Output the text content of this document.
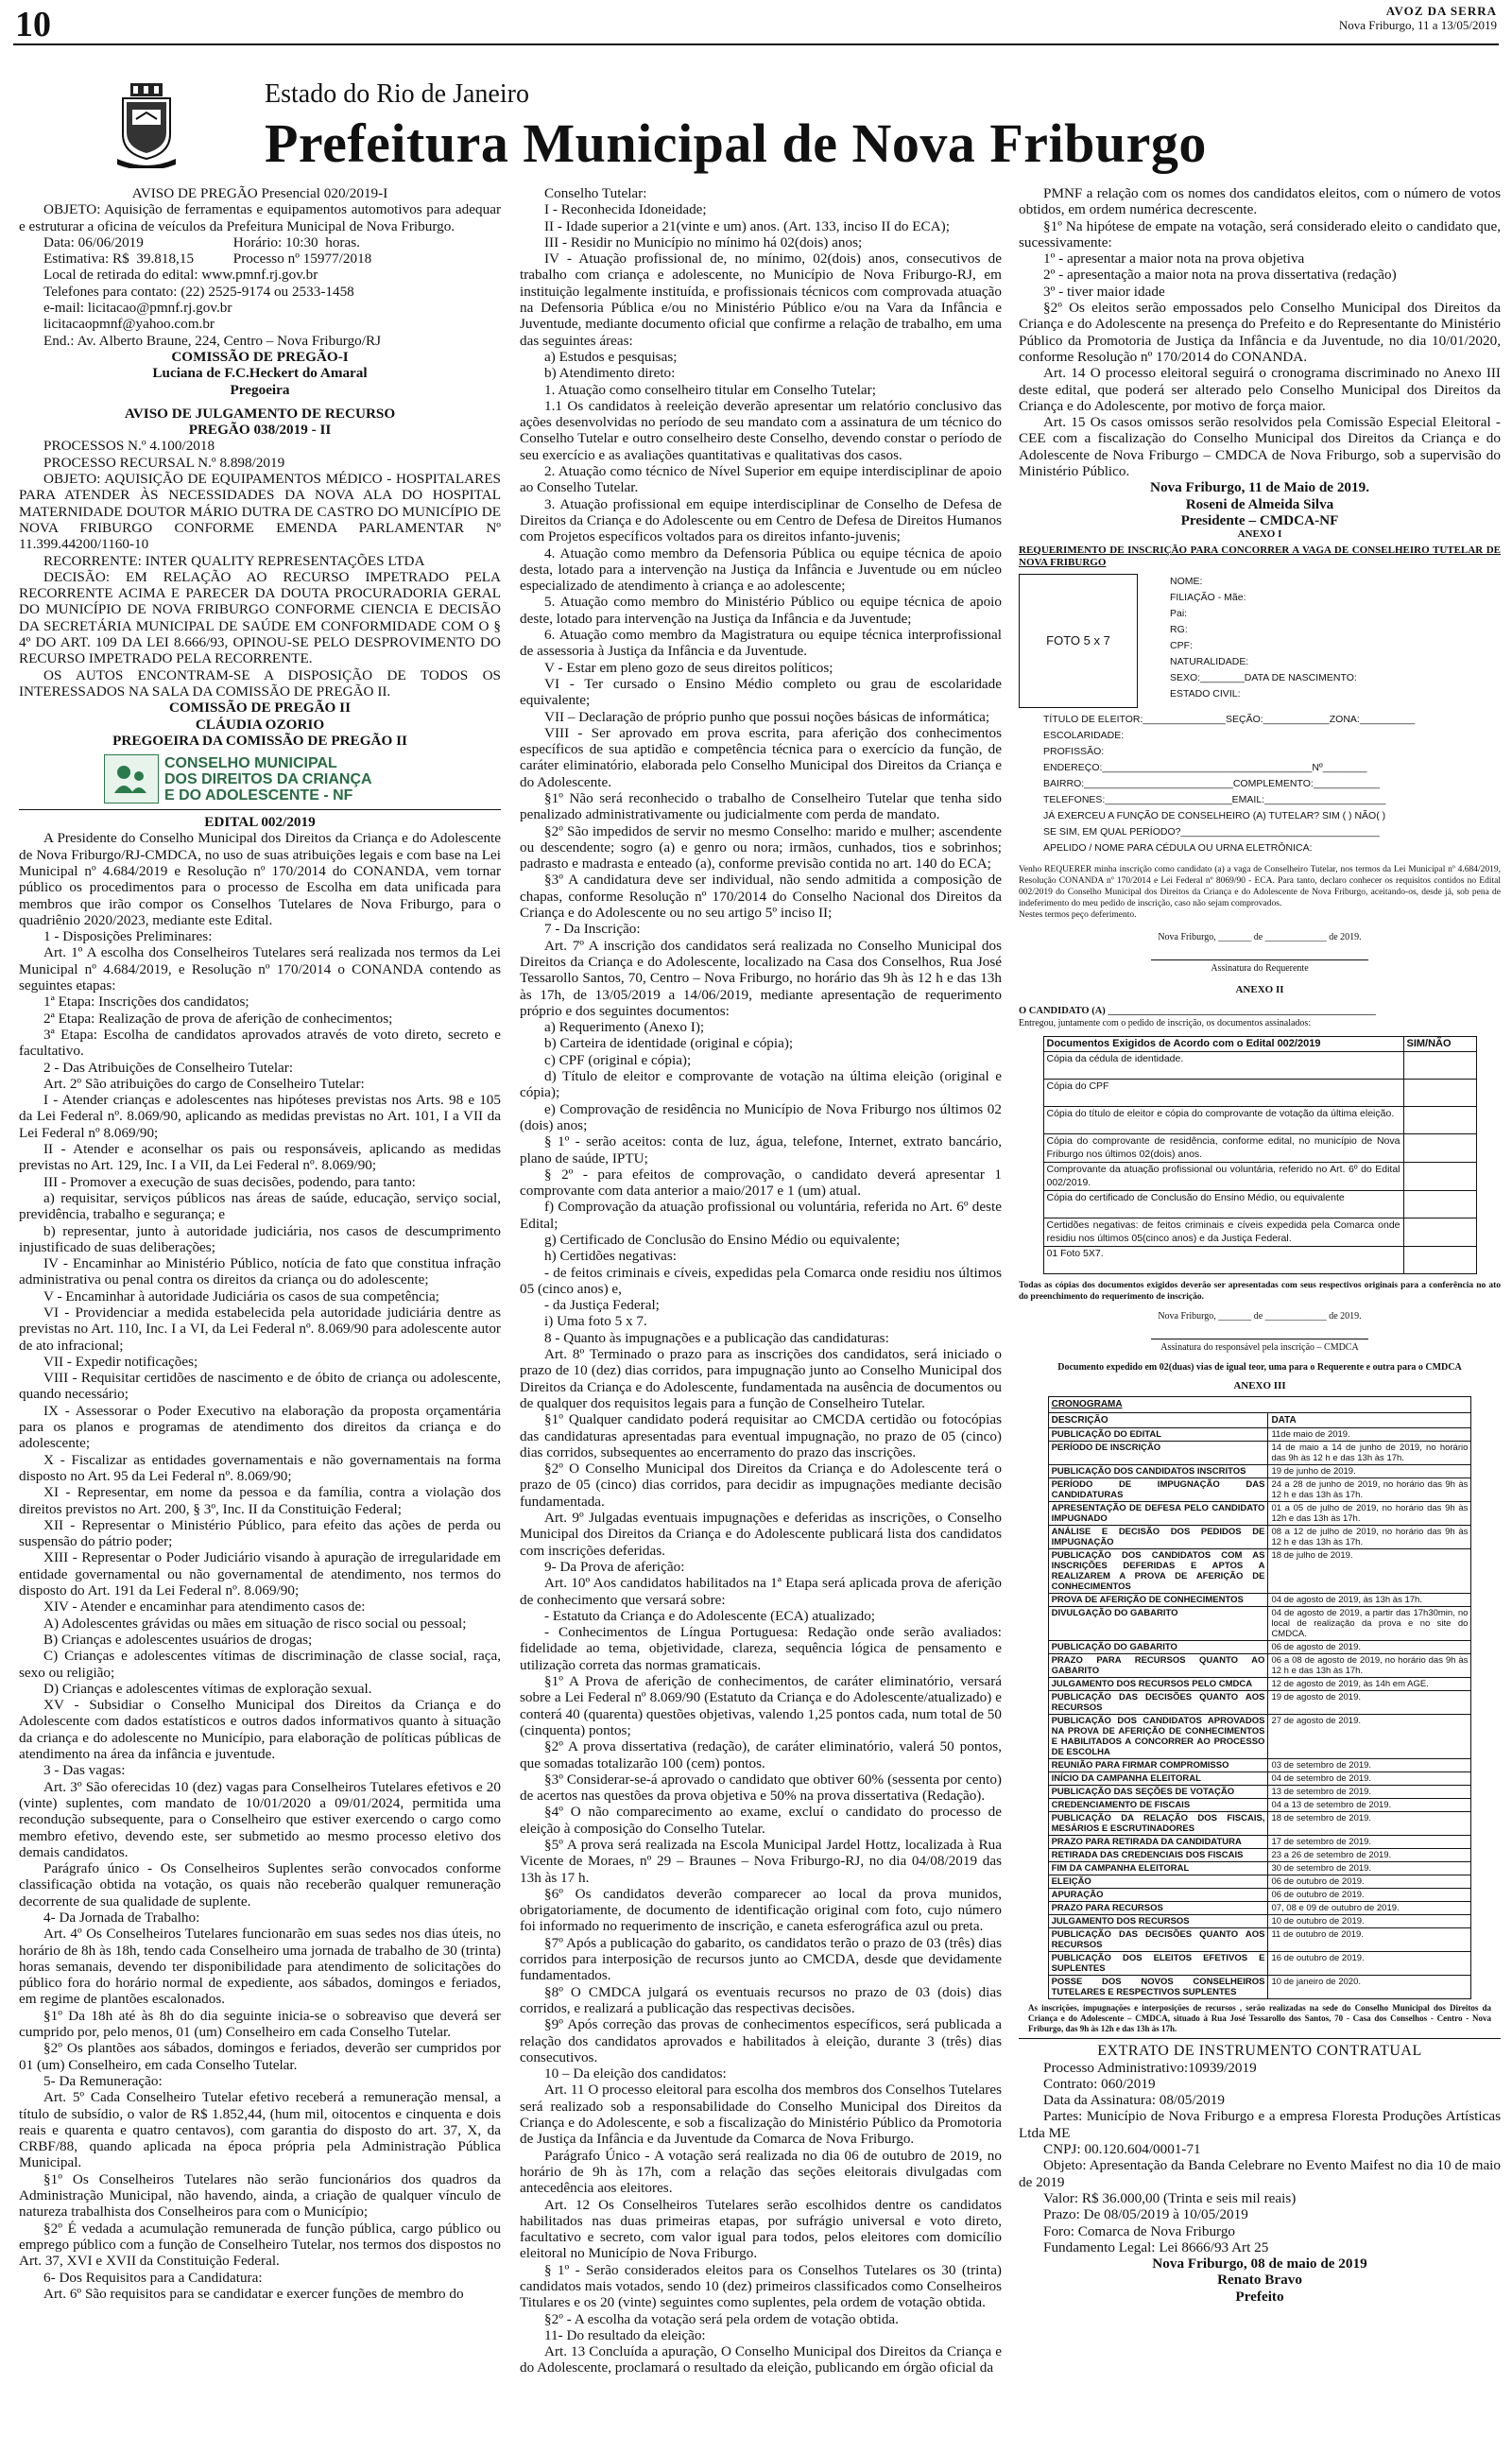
10	AVOZ DA SERRA
Nova Friburgo, 11 a 13/05/2019
Estado do Rio de Janeiro
Prefeitura Municipal de Nova Friburgo

AVISO DE PREGÃO Presencial 020/2019-I

OBJETO: Aquisição de ferramentas e equipamentos automotivos para adequar e estruturar a oficina de veículos da Prefeitura Municipal de Nova Friburgo.

Data: 06/06/2019                         Horário: 10:30  horas.

Estimativa: R$  39.818,15           Processo nº 15977/2018

Local de retirada do edital: www.pmnf.rj.gov.br

Telefones para contato: (22) 2525-9174 ou 2533-1458

e-mail: licitacao@pmnf.rj.gov.br

licitacaopmnf@yahoo.com.br

End.: Av. Alberto Braune, 224, Centro – Nova Friburgo/RJ

COMISSÃO DE PREGÃO-I

Luciana de F.C.Heckert do Amaral

Pregoeira

AVISO DE JULGAMENTO DE RECURSO

PREGÃO 038/2019 - II

PROCESSOS N.º 4.100/2018

PROCESSO RECURSAL N.º 8.898/2019

OBJETO: AQUISIÇÃO DE EQUIPAMENTOS MÉDICO - HOSPITALARES PARA ATENDER ÀS NECESSIDADES DA NOVA ALA DO HOSPITAL MATERNIDADE DOUTOR MÁRIO DUTRA DE CASTRO DO MUNICÍPIO DE NOVA FRIBURGO CONFORME EMENDA PARLAMENTAR Nº 11.399.44200/1160-10

RECORRENTE: INTER QUALITY REPRESENTAÇÕES LTDA

DECISÃO: EM RELAÇÃO AO RECURSO IMPETRADO PELA RECORRENTE ACIMA E PARECER DA DOUTA PROCURADORIA GERAL DO MUNICÍPIO DE NOVA FRIBURGO CONFORME CIENCIA E DECISÃO DA SECRETÁRIA MUNICIPAL DE SAÚDE EM CONFORMIDADE COM O § 4º DO ART. 109 DA LEI 8.666/93, OPINOU-SE PELO DESPROVIMENTO DO RECURSO IMPETRADO PELA RECORRENTE.

OS AUTOS ENCONTRAM-SE A DISPOSIÇÃO DE TODOS OS INTERESSADOS NA SALA DA COMISSÃO DE PREGÃO II.

COMISSÃO DE PREGÃO II

CLÁUDIA OZORIO

PREGOEIRA DA COMISSÃO DE PREGÃO II

CONSELHO MUNICIPAL
DOS DIREITOS DA CRIANÇA
E DO ADOLESCENTE - NF

EDITAL 002/2019

A Presidente do Conselho Municipal dos Direitos da Criança e do Adolescente de Nova Friburgo/RJ-CMDCA, no uso de suas atribuições legais e com base na Lei Municipal nº 4.684/2019 e Resolução nº 170/2014 do CONANDA, vem tornar público os procedimentos para o processo de Escolha em data unificada para membros que irão compor os Conselhos Tutelares de Nova Friburgo, para o quadriênio 2020/2023, mediante este Edital.

1 - Disposições Preliminares:

Art. 1º A escolha dos Conselheiros Tutelares será realizada nos termos da Lei Municipal nº 4.684/2019, e Resolução nº 170/2014 o CONANDA contendo as seguintes etapas:

1ª Etapa: Inscrições dos candidatos;

2ª Etapa: Realização de prova de aferição de conhecimentos;

3ª Etapa: Escolha de candidatos aprovados através de voto direto, secreto e facultativo.

2 - Das Atribuições de Conselheiro Tutelar:

Art. 2º São atribuições do cargo de Conselheiro Tutelar:

I - Atender crianças e adolescentes nas hipóteses previstas nos Arts. 98 e 105 da Lei Federal nº. 8.069/90, aplicando as medidas previstas no Art. 101, I a VII da Lei Federal nº 8.069/90;

II - Atender e aconselhar os pais ou responsáveis, aplicando as medidas previstas no Art. 129, Inc. I a VII, da Lei Federal nº. 8.069/90;

III - Promover a execução de suas decisões, podendo, para tanto:

a) requisitar, serviços públicos nas áreas de saúde, educação, serviço social, previdência, trabalho e segurança; e

b) representar, junto à autoridade judiciária, nos casos de descumprimento injustificado de suas deliberações;

IV - Encaminhar ao Ministério Público, notícia de fato que constitua infração administrativa ou penal contra os direitos da criança ou do adolescente;

V - Encaminhar à autoridade Judiciária os casos de sua competência;

VI - Providenciar a medida estabelecida pela autoridade judiciária dentre as previstas no Art. 110, Inc. I a VI, da Lei Federal nº. 8.069/90 para adolescente autor de ato infracional;

VII - Expedir notificações;

VIII - Requisitar certidões de nascimento e de óbito de criança ou adolescente, quando necessário;

IX - Assessorar o Poder Executivo na elaboração da proposta orçamentária para os planos e programas de atendimento dos direitos da criança e do adolescente;

X - Fiscalizar as entidades governamentais e não governamentais na forma disposto no Art. 95 da Lei Federal nº. 8.069/90;

XI - Representar, em nome da pessoa e da família, contra a violação dos direitos previstos no Art. 200, § 3º, Inc. II da Constituição Federal;

XII - Representar o Ministério Público, para efeito das ações de perda ou suspensão do pátrio poder;

XIII - Representar o Poder Judiciário visando à apuração de irregularidade em entidade governamental ou não governamental de atendimento, nos termos do disposto do Art. 191 da Lei Federal nº. 8.069/90;

XIV - Atender e encaminhar para atendimento casos de:

A) Adolescentes grávidas ou mães em situação de risco social ou pessoal;

B) Crianças e adolescentes usuários de drogas;

C) Crianças e adolescentes vítimas de discriminação de classe social, raça, sexo ou religião;

D) Crianças e adolescentes vítimas de exploração sexual.

XV - Subsidiar o Conselho Municipal dos Direitos da Criança e do Adolescente com dados estatísticos e outros dados informativos quanto à situação da criança e do adolescente no Município, para elaboração de políticas públicas de atendimento na área da infância e juventude.

3 - Das vagas:

Art. 3º São oferecidas 10 (dez) vagas para Conselheiros Tutelares efetivos e 20 (vinte) suplentes, com mandato de 10/01/2020 a 09/01/2024, permitida uma recondução subsequente, para o Conselheiro que estiver exercendo o cargo como membro efetivo, devendo este, ser submetido ao mesmo processo eletivo dos demais candidatos.

Parágrafo único - Os Conselheiros Suplentes serão convocados conforme classificação obtida na votação, os quais não receberão qualquer remuneração decorrente de sua qualidade de suplente.

4- Da Jornada de Trabalho:

Art. 4º Os Conselheiros Tutelares funcionarão em suas sedes nos dias úteis, no horário de 8h às 18h, tendo cada Conselheiro uma jornada de trabalho de 30 (trinta) horas semanais, devendo ter disponibilidade para atendimento de solicitações do público fora do horário normal de expediente, aos sábados, domingos e feriados, em regime de plantões escalonados.

§1º Da 18h até às 8h do dia seguinte inicia-se o sobreaviso que deverá ser cumprido por, pelo menos, 01 (um) Conselheiro em cada Conselho Tutelar.

§2º Os plantões aos sábados, domingos e feriados, deverão ser cumpridos por 01 (um) Conselheiro, em cada Conselho Tutelar.

5- Da Remuneração:

Art. 5º Cada Conselheiro Tutelar efetivo receberá a remuneração mensal, a título de subsídio, o valor de R$ 1.852,44, (hum mil, oitocentos e cinquenta e dois reais e quarenta e quatro centavos), com garantia do disposto do art. 37, X, da CRBF/88, quando aplicada na época própria pela Administração Pública Municipal.

§1º Os Conselheiros Tutelares não serão funcionários dos quadros da Administração Municipal, não havendo, ainda, a criação de qualquer vínculo de natureza trabalhista dos Conselheiros para com o Município;

§2º É vedada a acumulação remunerada de função pública, cargo público ou emprego público com a função de Conselheiro Tutelar, nos termos dos dispostos no Art. 37, XVI e XVII da Constituição Federal.

6- Dos Requisitos para a Candidatura:

Art. 6º São requisitos para se candidatar e exercer funções de membro do

Conselho Tutelar:

I - Reconhecida Idoneidade;

II - Idade superior a 21(vinte e um) anos. (Art. 133, inciso II do ECA);

III - Residir no Município no mínimo há 02(dois) anos;

IV - Atuação profissional de, no mínimo, 02(dois) anos, consecutivos de trabalho com criança e adolescente, no Município de Nova Friburgo-RJ, em instituição legalmente instituída, e profissionais técnicos com comprovada atuação na Defensoria Pública e/ou no Ministério Público e/ou na Vara da Infância e Juventude, mediante documento oficial que confirme a relação de trabalho, em uma das seguintes áreas:

a) Estudos e pesquisas;

b) Atendimento direto:

1. Atuação como conselheiro titular em Conselho Tutelar;

1.1 Os candidatos à reeleição deverão apresentar um relatório conclusivo das ações desenvolvidas no período de seu mandato com a assinatura de um técnico do Conselho Tutelar e outro conselheiro deste Conselho, devendo constar o período de seu exercício e as avaliações quantitativas e qualitativas dos casos.

2. Atuação como técnico de Nível Superior em equipe interdisciplinar de apoio ao Conselho Tutelar.

3. Atuação profissional em equipe interdisciplinar de Conselho de Defesa de Direitos da Criança e do Adolescente ou em Centro de Defesa de Direitos Humanos com Projetos específicos voltados para os direitos infanto-juvenis;

4. Atuação como membro da Defensoria Pública ou equipe técnica de apoio desta, lotado para a intervenção na Justiça da Infância e Juventude ou em núcleo especializado de atendimento à criança e ao adolescente;

5. Atuação como membro do Ministério Público ou equipe técnica de apoio deste, lotado para intervenção na Justiça da Infância e da Juventude;

6. Atuação como membro da Magistratura ou equipe técnica interprofissional de assessoria à Justiça da Infância e da Juventude.

V - Estar em pleno gozo de seus direitos políticos;

VI - Ter cursado o Ensino Médio completo ou grau de escolaridade equivalente;

VII – Declaração de próprio punho que possui noções básicas de informática;

VIII - Ser aprovado em prova escrita, para aferição dos conhecimentos específicos de sua aptidão e competência técnica para o exercício da função, de caráter eliminatório, elaborada pelo Conselho Municipal dos Direitos da Criança e do Adolescente.

§1º Não será reconhecido o trabalho de Conselheiro Tutelar que tenha sido penalizado administrativamente ou judicialmente com perda de mandato.

§2º São impedidos de servir no mesmo Conselho: marido e mulher; ascendente ou descendente; sogro (a) e genro ou nora; irmãos, cunhados, tios e sobrinhos; padrasto e madrasta e enteado (a), conforme previsão contida no art. 140 do ECA;

§3º A candidatura deve ser individual, não sendo admitida a composição de chapas, conforme Resolução nº 170/2014 do Conselho Nacional dos Direitos da Criança e do Adolescente ou no seu artigo 5º inciso II;

7 - Da Inscrição:

Art. 7º A inscrição dos candidatos será realizada no Conselho Municipal dos Direitos da Criança e do Adolescente, localizado na Casa dos Conselhos, Rua José Tessarollo Santos, 70, Centro – Nova Friburgo, no horário das 9h às 12 h e das 13h às 17h, de 13/05/2019 a 14/06/2019, mediante apresentação de requerimento próprio e dos seguintes documentos:

a) Requerimento (Anexo I);

b) Carteira de identidade (original e cópia);

c) CPF (original e cópia);

d) Título de eleitor e comprovante de votação na última eleição (original e cópia);

e) Comprovação de residência no Município de Nova Friburgo nos últimos 02 (dois) anos;

§ 1º - serão aceitos: conta de luz, água, telefone, Internet, extrato bancário, plano de saúde, IPTU;

§ 2º - para efeitos de comprovação, o candidato deverá apresentar 1 comprovante com data anterior a maio/2017 e 1 (um) atual.

f) Comprovação da atuação profissional ou voluntária, referida no Art. 6º deste Edital;

g) Certificado de Conclusão do Ensino Médio ou equivalente;

h) Certidões negativas:

- de feitos criminais e cíveis, expedidas pela Comarca onde residiu nos últimos 05 (cinco anos) e,

- da Justiça Federal;

i) Uma foto 5 x 7.

8 - Quanto às impugnações e a publicação das candidaturas:

Art. 8º Terminado o prazo para as inscrições dos candidatos, será iniciado o prazo de 10 (dez) dias corridos, para impugnação junto ao Conselho Municipal dos Direitos da Criança e do Adolescente, fundamentada na ausência de documentos ou de qualquer dos requisitos legais para a função de Conselheiro Tutelar.

§1º Qualquer candidato poderá requisitar ao CMCDA certidão ou fotocópias das candidaturas apresentadas para eventual impugnação, no prazo de 05 (cinco) dias corridos, subsequentes ao encerramento do prazo das inscrições.

§2º O Conselho Municipal dos Direitos da Criança e do Adolescente terá o prazo de 05 (cinco) dias corridos, para decidir as impugnações mediante decisão fundamentada.

Art. 9º Julgadas eventuais impugnações e deferidas as inscrições, o Conselho Municipal dos Direitos da Criança e do Adolescente publicará lista dos candidatos com inscrições deferidas.

9- Da Prova de aferição:

Art. 10º Aos candidatos habilitados na 1ª Etapa será aplicada prova de aferição de conhecimento que versará sobre:

- Estatuto da Criança e do Adolescente (ECA) atualizado;

- Conhecimentos de Língua Portuguesa: Redação onde serão avaliados: fidelidade ao tema, objetividade, clareza, sequência lógica de pensamento e utilização correta das normas gramaticais.

§1º A Prova de aferição de conhecimentos, de caráter eliminatório, versará sobre a Lei Federal nº 8.069/90 (Estatuto da Criança e do Adolescente/atualizado) e conterá 40 (quarenta) questões objetivas, valendo 1,25 pontos cada, num total de 50 (cinquenta) pontos;

§2º A prova dissertativa (redação), de caráter eliminatório, valerá 50 pontos, que somadas totalizarão 100 (cem) pontos.

§3º Considerar-se-á aprovado o candidato que obtiver 60% (sessenta por cento) de acertos nas questões da prova objetiva e 50% na prova dissertativa (Redação).

§4º O não comparecimento ao exame, excluí o candidato do processo de eleição à composição do Conselho Tutelar.

§5º A prova será realizada na Escola Municipal Jardel Hottz, localizada à Rua Vicente de Moraes, nº 29 – Braunes – Nova Friburgo-RJ, no dia 04/08/2019 das 13h às 17 h.

§6º Os candidatos deverão comparecer ao local da prova munidos, obrigatoriamente, de documento de identificação original com foto, cujo número foi informado no requerimento de inscrição, e caneta esferográfica azul ou preta.

§7º Após a publicação do gabarito, os candidatos terão o prazo de 03 (três) dias corridos para interposição de recursos junto ao CMCDA, desde que devidamente fundamentados.

§8º O CMDCA julgará os eventuais recursos no prazo de 03 (dois) dias corridos, e realizará a publicação das respectivas decisões.

§9º Após correção das provas de conhecimentos específicos, será publicada a relação dos candidatos aprovados e habilitados à eleição, durante 3 (três) dias consecutivos.

10 – Da eleição dos candidatos:

Art. 11 O processo eleitoral para escolha dos membros dos Conselhos Tutelares será realizado sob a responsabilidade do Conselho Municipal dos Direitos da Criança e do Adolescente, e sob a fiscalização do Ministério Público da Promotoria de Justiça da Infância e da Juventude da Comarca de Nova Friburgo.

Parágrafo Único - A votação será realizada no dia 06 de outubro de 2019, no horário de 9h às 17h, com a relação das seções eleitorais divulgadas com antecedência aos eleitores.

Art. 12 Os Conselheiros Tutelares serão escolhidos dentre os candidatos habilitados nas duas primeiras etapas, por sufrágio universal e voto direto, facultativo e secreto, com valor igual para todos, pelos eleitores com domicílio eleitoral no Município de Nova Friburgo.

§ 1º - Serão considerados eleitos para os Conselhos Tutelares os 30 (trinta) candidatos mais votados, sendo 10 (dez) primeiros classificados como Conselheiros Titulares e os 20 (vinte) seguintes como suplentes, pela ordem de votação obtida.

§2º - A escolha da votação será pela ordem de votação obtida.

11- Do resultado da eleição:

Art. 13 Concluída a apuração, O Conselho Municipal dos Direitos da Criança e do Adolescente, proclamará o resultado da eleição, publicando em órgão oficial da

PMNF a relação com os nomes dos candidatos eleitos, com o número de votos obtidos, em ordem numérica decrescente.

§1º Na hipótese de empate na votação, será considerado eleito o candidato que, sucessivamente:

1º - apresentar a maior nota na prova objetiva

2º - apresentação a maior nota na prova dissertativa (redação)

3º - tiver maior idade

§2º Os eleitos serão empossados pelo Conselho Municipal dos Direitos da Criança e do Adolescente na presença do Prefeito e do Representante do Ministério Público da Promotoria de Justiça da Infância e da Juventude, no dia 10/01/2020, conforme Resolução nº 170/2014 do CONANDA.

Art. 14 O processo eleitoral seguirá o cronograma discriminado no Anexo III deste edital, que poderá ser alterado pelo Conselho Municipal dos Direitos da Criança e do Adolescente, por motivo de força maior.

Art. 15 Os casos omissos serão resolvidos pela Comissão Especial Eleitoral - CEE com a fiscalização do Conselho Municipal dos Direitos da Criança e do Adolescente de Nova Friburgo – CMDCA de Nova Friburgo, sob a supervisão do Ministério Público.

Nova Friburgo, 11 de Maio de 2019.

Roseni de Almeida Silva

Presidente – CMDCA-NF

ANEXO I

REQUERIMENTO DE INSCRIÇÃO PARA CONCORRER A VAGA DE CONSELHEIRO TUTELAR DE NOVA FRIBURGO

FOTO 5 x 7

NOME:

FILIAÇÃO - Mãe:

Pai:

RG:

CPF:

NATURALIDADE:

SEXO:________DATA DE NASCIMENTO:

ESTADO CIVIL:

TÍTULO DE ELEITOR:_______________SEÇÃO:____________ZONA:__________

ESCOLARIDADE:

PROFISSÃO:

ENDEREÇO:______________________________________Nº________

BAIRRO:___________________________COMPLEMENTO:____________

TELEFONES:_______________________EMAIL:______________________

JÁ EXERCEU A FUNÇÃO DE CONSELHEIRO (A) TUTELAR? SIM ( ) NÃO( )

SE SIM, EM QUAL PERÍODO?____________________________________

APELIDO / NOME PARA CÉDULA OU URNA ELETRÔNICA:

Venho REQUERER minha inscrição como candidato (a) a vaga de Conselheiro Tutelar, nos termos da Lei Municipal nº 4.684/2019, Resolução CONANDA nº 170/2014 e Lei Federal nº 8069/90 - ECA. Para tanto, declaro conhecer os requisitos contidos no Edital 002/2019 do Conselho Municipal dos Direitos da Criança e do Adolescente de Nova Friburgo, aceitando-os, desde já, sob pena de indeferimento do meu pedido de inscrição, caso não sejam comprovados.

Nestes termos peço deferimento.

Nova Friburgo, _______ de _____________ de 2019.

Assinatura do Requerente

ANEXO II

O CANDIDATO (A) ______________________________________________________

Entregou, juntamente com o pedido de inscrição, os documentos assinalados:

Documentos Exigidos de Acordo com o Edital 002/2019	SIM/NÃO
Cópia da cédula de identidade.	
Cópia do CPF	
Cópia do título de eleitor e cópia do comprovante de votação da última eleição.	
Cópia do comprovante de residência, conforme edital, no município de Nova Friburgo nos últimos 02(dois) anos.	
Comprovante da atuação profissional ou voluntária, referido no Art. 6º do Edital 002/2019.	
Cópia do certificado de Conclusão do Ensino Médio, ou equivalente	
Certidões negativas: de feitos criminais e cíveis expedida pela Comarca onde residiu nos últimos 05(cinco anos) e da Justiça Federal.	
01 Foto 5X7.	

Todas as cópias dos documentos exigidos deverão ser apresentadas com seus respectivos originais para a conferência no ato do preenchimento do requerimento de inscrição.

Nova Friburgo, _______ de _____________ de 2019.

Assinatura do responsável pela inscrição – CMDCA

Documento expedido em 02(duas) vias de igual teor, uma para o Requerente e outra para o CMDCA

ANEXO III

CRONOGRAMA	
DESCRIÇÃO	DATA
PUBLICAÇÃO DO EDITAL	11de maio de 2019.
PERÍODO DE INSCRIÇÃO	14 de maio a 14 de junho de 2019, no horário das 9h às 12 h e das 13h às 17h.
PUBLICAÇÃO DOS CANDIDATOS INSCRITOS	19 de junho de 2019.
PERÍODO DE IMPUGNAÇÃO DAS CANDIDATURAS	24 a 28 de junho de 2019, no horário das 9h às 12 h e das 13h às 17h.
APRESENTAÇÃO DE DEFESA PELO CANDIDATO IMPUGNADO	01 a 05 de julho de 2019, no horário das 9h às 12h e das 13h às 17h.
ANÁLISE E DECISÃO DOS PEDIDOS DE IMPUGNAÇÃO	08 a 12 de julho de 2019, no horário das 9h às 12 h e das 13h às 17h.
PUBLICAÇÃO DOS CANDIDATOS COM AS INSCRIÇÕES DEFERIDAS E APTOS A REALIZAREM A PROVA DE AFERIÇÃO DE CONHECIMENTOS	18 de julho de 2019.
PROVA DE AFERIÇÃO DE CONHECIMENTOS	04 de agosto de 2019, às 13h às 17h.
DIVULGAÇÃO DO GABARITO	04 de agosto de 2019, a partir das 17h30min, no local de realização da prova e no site do CMDCA.
PUBLICAÇÃO DO GABARITO	06 de agosto de 2019.
PRAZO PARA RECURSOS QUANTO AO GABARITO	06 a 08 de agosto de 2019, no horário das 9h às 12 h e das 13h às 17h.
JULGAMENTO DOS RECURSOS PELO CMDCA	12 de agosto de 2019, às 14h em AGE.
PUBLICAÇÃO DAS DECISÕES QUANTO AOS RECURSOS	19 de agosto de 2019.
PUBLICAÇÃO DOS CANDIDATOS APROVADOS NA PROVA DE AFERIÇÃO DE CONHECIMENTOS E HABILITADOS A CONCORRER AO PROCESSO DE ESCOLHA	27 de agosto de 2019.
REUNIÃO PARA FIRMAR COMPROMISSO	03 de setembro de 2019.
INÍCIO DA CAMPANHA ELEITORAL	04 de setembro de 2019.
PUBLICAÇÃO DAS SEÇÕES DE VOTAÇÃO	13 de setembro de 2019.
CREDENCIAMENTO DE FISCAIS	04 a 13 de setembro de 2019.
PUBLICAÇÃO DA RELAÇÃO DOS FISCAIS, MESÁRIOS E ESCRUTINADORES	18 de setembro de 2019.
PRAZO PARA RETIRADA DA CANDIDATURA	17 de setembro de 2019.
RETIRADA DAS CREDENCIAIS DOS FISCAIS	23 a 26 de setembro de 2019.
FIM DA CAMPANHA ELEITORAL	30 de setembro de 2019.
ELEIÇÃO	06 de outubro de 2019.
APURAÇÃO	06 de outubro de 2019.
PRAZO PARA RECURSOS	07, 08 e 09 de outubro de 2019.
JULGAMENTO DOS RECURSOS	10 de outubro de 2019.
PUBLICAÇÃO DAS DECISÕES QUANTO AOS RECURSOS	11 de outubro de 2019.
PUBLICAÇÃO DOS ELEITOS EFETIVOS E SUPLENTES	16 de outubro de 2019.
POSSE DOS NOVOS CONSELHEIROS TUTELARES E RESPECTIVOS SUPLENTES	10 de janeiro de 2020.

As inscrições, impugnações e interposições de recursos , serão realizadas na sede do Conselho Municipal dos Direitos da Criança e do Adolescente – CMDCA, situado à Rua José Tessarollo dos Santos, 70 - Casa dos Conselhos - Centro - Nova Friburgo, das 9h às 12h e das 13h às 17h.

EXTRATO DE INSTRUMENTO CONTRATUAL

Processo Administrativo:10939/2019

Contrato: 060/2019

Data da Assinatura: 08/05/2019

Partes: Município de Nova Friburgo e a empresa Floresta Produções Artísticas Ltda ME

CNPJ: 00.120.604/0001-71

Objeto: Apresentação da Banda Celebrare no Evento Maifest no dia 10 de maio de 2019

Valor: R$ 36.000,00 (Trinta e seis mil reais)

Prazo: De 08/05/2019 à 10/05/2019

Foro: Comarca de Nova Friburgo

Fundamento Legal: Lei 8666/93 Art 25

Nova Friburgo, 08 de maio de 2019

Renato Bravo

Prefeito
